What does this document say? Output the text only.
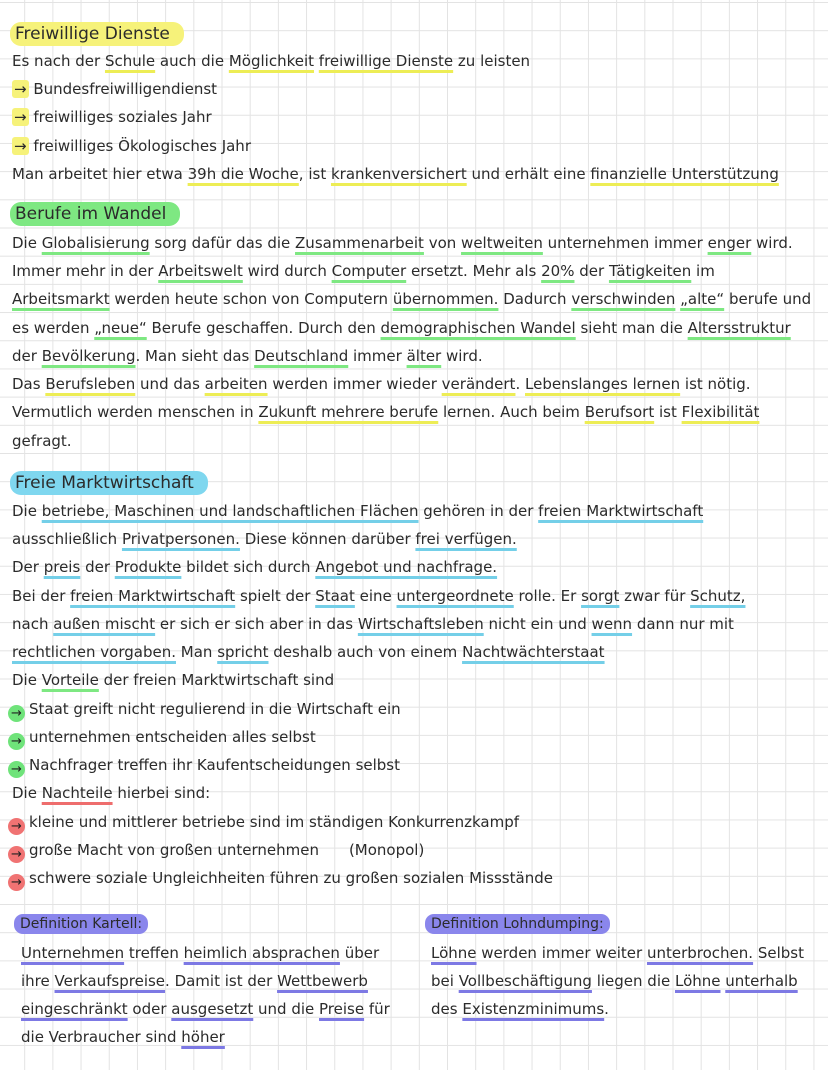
Freiwillige Dienste
Es nach der Schule auch die Möglichkeit freiwillige Dienste zu leisten
→ Bundesfreiwilligendienst
→ freiwilliges soziales Jahr
→ freiwilliges Ökologisches Jahr
Man arbeitet hier etwa 39h die Woche, ist krankenversichert und erhält eine finanzielle Unterstützung
Berufe im Wandel
Die Globalisierung sorg dafür das die Zusammenarbeit von weltweiten unternehmen immer enger wird.
Immer mehr in der Arbeitswelt wird durch Computer ersetzt. Mehr als 20% der Tätigkeiten im
Arbeitsmarkt werden heute schon von Computern übernommen. Dadurch verschwinden „alte“ berufe und
es werden „neue“ Berufe geschaffen. Durch den demographischen Wandel sieht man die Altersstruktur
der Bevölkerung. Man sieht das Deutschland immer älter wird.
Das Berufsleben und das arbeiten werden immer wieder verändert. Lebenslanges lernen ist nötig.
Vermutlich werden menschen in Zukunft mehrere berufe lernen. Auch beim Berufsort ist Flexibilität
gefragt.
Freie Marktwirtschaft
Die betriebe, Maschinen und landschaftlichen Flächen gehören in der freien Marktwirtschaft
ausschließlich Privatpersonen. Diese können darüber frei verfügen.
Der preis der Produkte bildet sich durch Angebot und nachfrage.
Bei der freien Marktwirtschaft spielt der Staat eine untergeordnete rolle. Er sorgt zwar für Schutz,
nach außen mischt er sich er sich aber in das Wirtschaftsleben nicht ein und wenn dann nur mit
rechtlichen vorgaben. Man spricht deshalb auch von einem Nachtwächterstaat
Die Vorteile der freien Marktwirtschaft sind
→ Staat greift nicht regulierend in die Wirtschaft ein
→ unternehmen entscheiden alles selbst
→ Nachfrager treffen ihr Kaufentscheidungen selbst
Die Nachteile hierbei sind:
→ kleine und mittlerer betriebe sind im ständigen Konkurrenzkampf
→ große Macht von großen unternehmen (Monopol)
→ schwere soziale Ungleichheiten führen zu großen sozialen Missstände
Definition Kartell:
Unternehmen treffen heimlich absprachen über
ihre Verkaufspreise. Damit ist der Wettbewerb
eingeschränkt oder ausgesetzt und die Preise für
die Verbraucher sind höher
Definition Lohndumping:
Löhne werden immer weiter unterbrochen. Selbst
bei Vollbeschäftigung liegen die Löhne unterhalb
des Existenzminimums.
